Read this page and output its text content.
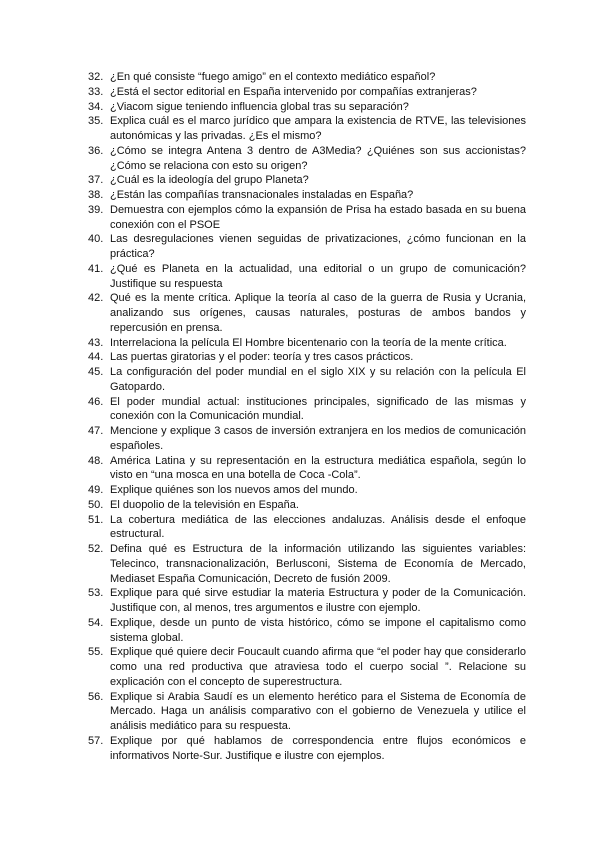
32. ¿En qué consiste “fuego amigo” en el contexto mediático español?
33. ¿Está el sector editorial en España intervenido por compañías extranjeras?
34. ¿Viacom sigue teniendo influencia global tras su separación?
35. Explica cuál es el marco jurídico que ampara la existencia de RTVE, las televisiones autonómicas y las privadas. ¿Es el mismo?
36. ¿Cómo se integra Antena 3 dentro de A3Media? ¿Quiénes son sus accionistas? ¿Cómo se relaciona con esto su origen?
37. ¿Cuál es la ideología del grupo Planeta?
38. ¿Están las compañías transnacionales instaladas en España?
39. Demuestra con ejemplos cómo la expansión de Prisa ha estado basada en su buena conexión con el PSOE
40. Las desregulaciones vienen seguidas de privatizaciones, ¿cómo funcionan en la práctica?
41. ¿Qué es Planeta en la actualidad, una editorial o un grupo de comunicación? Justifique su respuesta
42. Qué es la mente crítica. Aplique la teoría al caso de la guerra de Rusia y Ucrania, analizando sus orígenes, causas naturales, posturas de ambos bandos y repercusión en prensa.
43. Interrelaciona la película El Hombre bicentenario con la teoría de la mente crítica.
44. Las puertas giratorias y el poder: teoría y tres casos prácticos.
45. La configuración del poder mundial en el siglo XIX y su relación con la película El Gatopardo.
46. El poder mundial actual: instituciones principales, significado de las mismas y conexión con la Comunicación mundial.
47. Mencione y explique 3 casos de inversión extranjera en los medios de comunicación españoles.
48. América Latina y su representación en la estructura mediática española, según lo visto en “una mosca en una botella de Coca -Cola”.
49. Explique quiénes son los nuevos amos del mundo.
50. El duopolio de la televisión en España.
51. La cobertura mediática de las elecciones andaluzas. Análisis desde el enfoque estructural.
52. Defina qué es Estructura de la información utilizando las siguientes variables: Telecinco, transnacionalización, Berlusconi, Sistema de Economía de Mercado, Mediaset España Comunicación, Decreto de fusión 2009.
53. Explique para qué sirve estudiar la materia Estructura y poder de la Comunicación. Justifique con, al menos, tres argumentos e ilustre con ejemplo.
54. Explique, desde un punto de vista histórico, cómo se impone el capitalismo como sistema global.
55. Explique qué quiere decir Foucault cuando afirma que “el poder hay que considerarlo como una red productiva que atraviesa todo el cuerpo social ”. Relacione su explicación con el concepto de superestructura.
56. Explique si Arabia Saudí es un elemento herético para el Sistema de Economía de Mercado. Haga un análisis comparativo con el gobierno de Venezuela y utilice el análisis mediático para su respuesta.
57. Explique por qué hablamos de correspondencia entre flujos económicos e informativos Norte-Sur. Justifique e ilustre con ejemplos.
